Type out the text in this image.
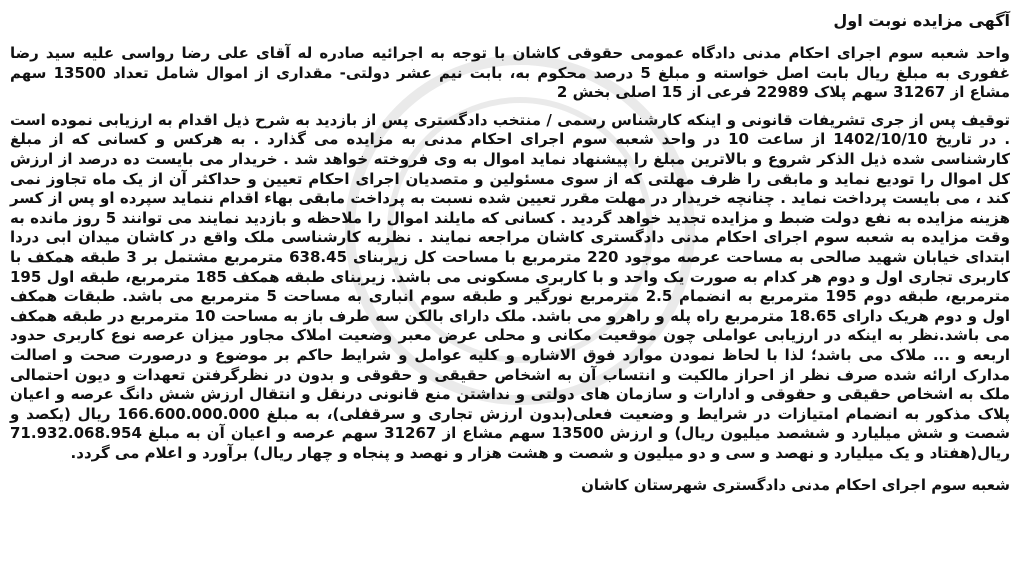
آگهی مزایده نوبت اول
واحد شعبه سوم اجرای احکام مدنی دادگاه عمومی حقوقی کاشان با توجه به اجرائیه صادره له آقای علی رضا رواسی علیه سید رضا غفوری به مبلغ ریال بابت اصل خواسته و مبلغ 5 درصد محکوم به، بابت نیم عشر دولتی- مقداری از اموال شامل تعداد 13500 سهم مشاع از 31267 سهم پلاک 22989 فرعی از 15 اصلی بخش 2
توقیف پس از جری تشریفات قانونی و اینکه کارشناس رسمی / منتخب دادگستری پس از بازدید به شرح ذیل اقدام به ارزیابی نموده است . در تاریخ 1402/10/10 از ساعت 10 در واحد شعبه سوم اجرای احکام مدنی به مزایده می گذارد . به هرکس و کسانی که از مبلغ کارشناسی شده ذیل الذکر شروع و بالاترین مبلغ را پیشنهاد نماید اموال به وی فروخته خواهد شد . خریدار می بایست ده درصد از ارزش کل اموال را تودیع نماید و مابقی را ظرف مهلتی که از سوی مسئولین و متصدیان اجرای احکام تعیین و حداکثر آن از یک ماه تجاوز نمی کند ، می بایست پرداخت نماید . چنانچه خریدار در مهلت مقرر تعیین شده نسبت به پرداخت مابقی بهاء اقدام ننماید سپرده او پس از کسر هزینه مزایده به نفع دولت ضبط و مزایده تجدید خواهد گردید . کسانی که مایلند اموال را ملاحظه و بازدید نمایند می توانند 5 روز مانده به وقت مزایده به شعبه سوم اجرای احکام مدنی دادگستری کاشان مراجعه نمایند . نظریه کارشناسی ملک واقع در کاشان میدان ابی دردا ابتدای خیابان شهید صالحی به مساحت عرصه موجود 220 مترمربع با مساحت کل زیربنای 638.45 مترمربع مشتمل بر 3 طبقه همکف با کاربری تجاری اول و دوم هر کدام به صورت یک واحد و با کاربری مسکونی می باشد. زیربنای طبقه همکف 185 مترمربع، طبقه اول 195 مترمربع، طبقه دوم 195 مترمربع به انضمام 2.5 مترمربع نورگیر و طبقه سوم انباری به مساحت 5 مترمربع می باشد. طبقات همکف اول و دوم هریک دارای 18.65 مترمربع راه پله و راهرو می باشد. ملک دارای بالکن سه طرف باز به مساحت 10 مترمربع در طبقه همکف می باشد.نظر به اینکه در ارزیابی عواملی چون موقعیت مکانی و محلی عرض معبر وضعیت املاک مجاور میزان عرصه نوع کاربری حدود اربعه و ... ملاک می باشد؛ لذا با لحاظ نمودن موارد فوق الاشاره و کلیه عوامل و شرایط حاکم بر موضوع و درصورت صحت و اصالت مدارک ارائه شده صرف نظر از احراز مالکیت و انتساب آن به اشخاص حقیقی و حقوقی و بدون در نظرگرفتن تعهدات و دیون احتمالی ملک به اشخاص حقیقی و حقوقی و ادارات و سازمان های دولتی و نداشتن منع قانونی درنقل و انتقال ارزش شش دانگ عرصه و اعیان پلاک مذکور به انضمام امتیازات در شرایط و وضعیت فعلی(بدون ارزش تجاری و سرقفلی)، به مبلغ 166.600.000.000 ریال (یکصد و شصت و شش میلیارد و ششصد میلیون ریال) و ارزش 13500 سهم مشاع از 31267 سهم عرصه و اعیان آن به مبلغ 71.932.068.954 ریال(هفتاد و یک میلیارد و نهصد و سی و دو میلیون و شصت و هشت هزار و نهصد و پنجاه و چهار ریال) برآورد و اعلام می گردد.
شعبه سوم اجرای احکام مدنی دادگستری شهرستان کاشان
